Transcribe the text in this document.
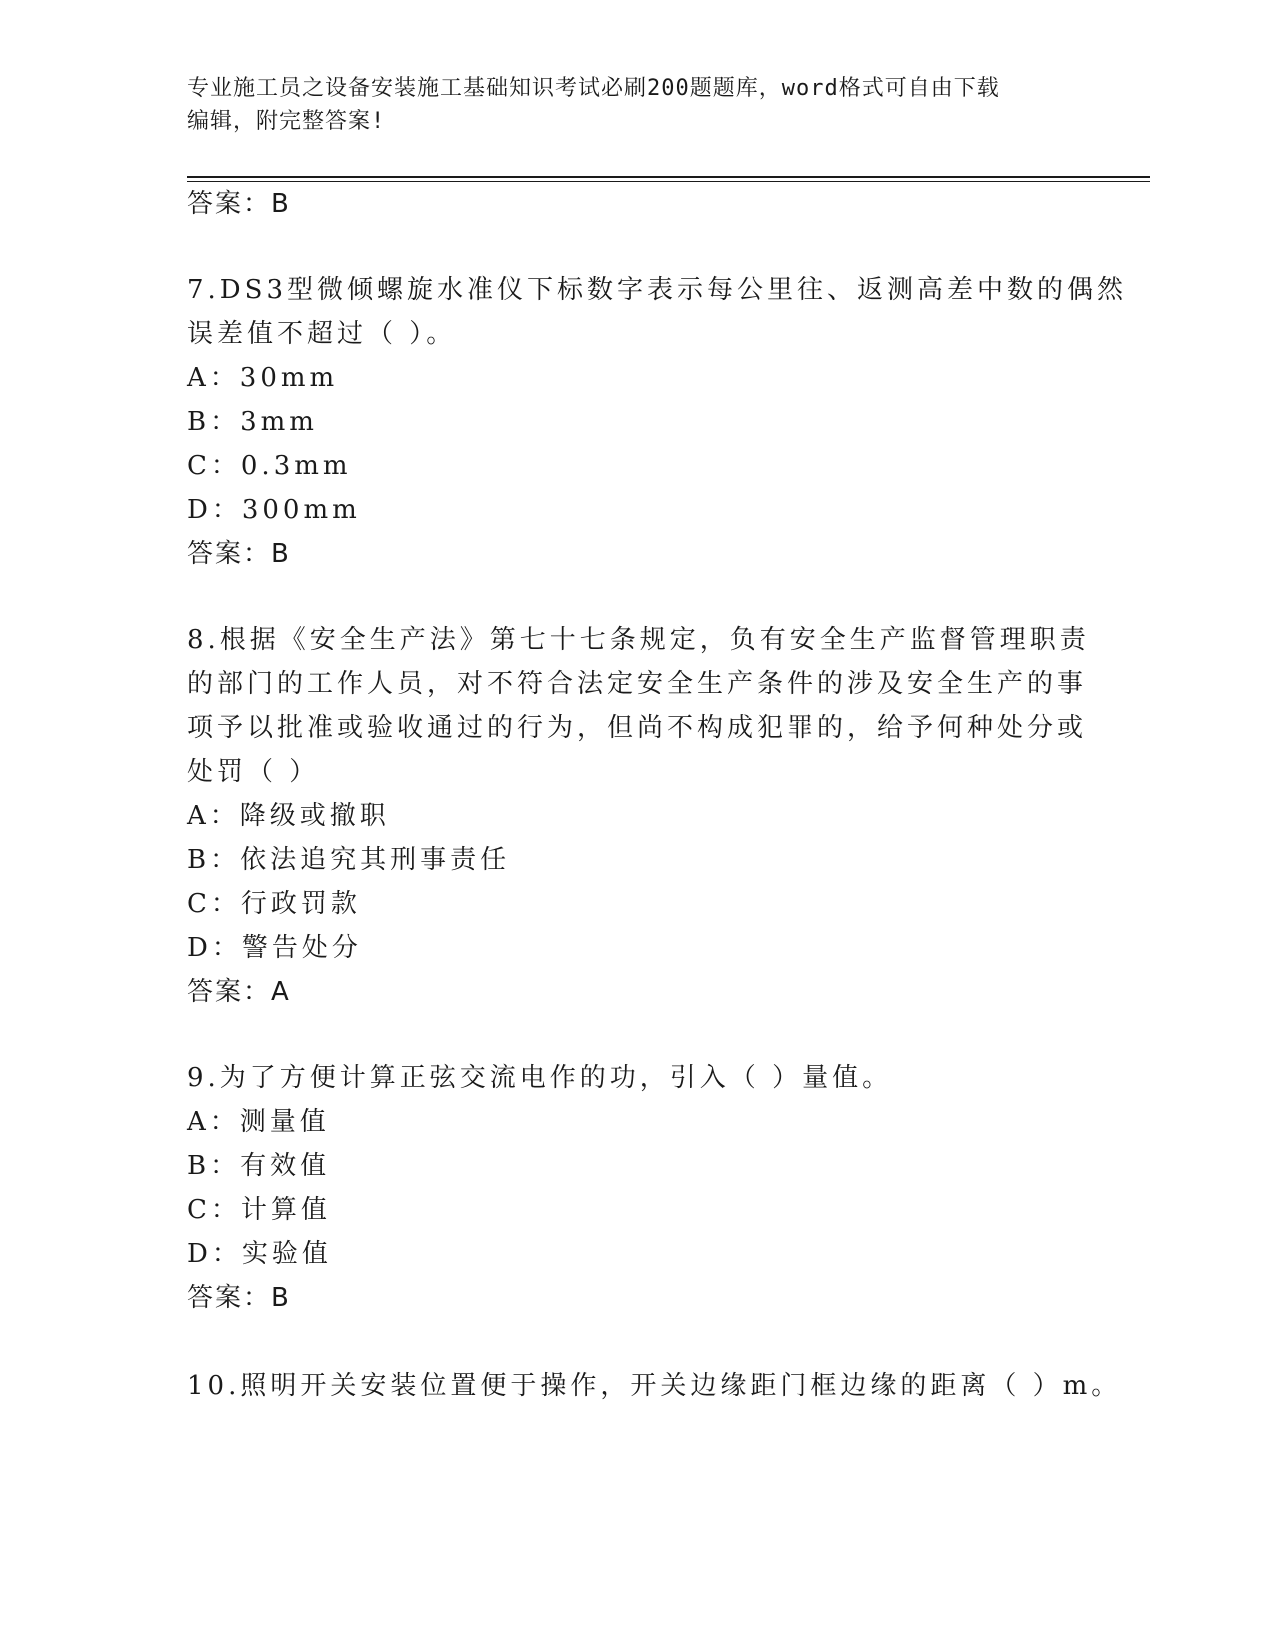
专业施工员之设备安装施工基础知识考试必刷200题题库，word格式可自由下载
编辑，附完整答案!
答案：B
7.DS3型微倾螺旋水准仪下标数字表示每公里往、返测高差中数的偶然
误差值不超过（ ）。
A：30mm
B：3mm
C：0.3mm
D：300mm
答案：B
8.根据《安全生产法》第七十七条规定，负有安全生产监督管理职责
的部门的工作人员，对不符合法定安全生产条件的涉及安全生产的事
项予以批准或验收通过的行为，但尚不构成犯罪的，给予何种处分或
处罚（ ）
A：降级或撤职
B：依法追究其刑事责任
C：行政罚款
D：警告处分
答案：A
9.为了方便计算正弦交流电作的功，引入（ ）量值。
A：测量值
B：有效值
C：计算值
D：实验值
答案：B
10.照明开关安装位置便于操作，开关边缘距门框边缘的距离（ ）m。
